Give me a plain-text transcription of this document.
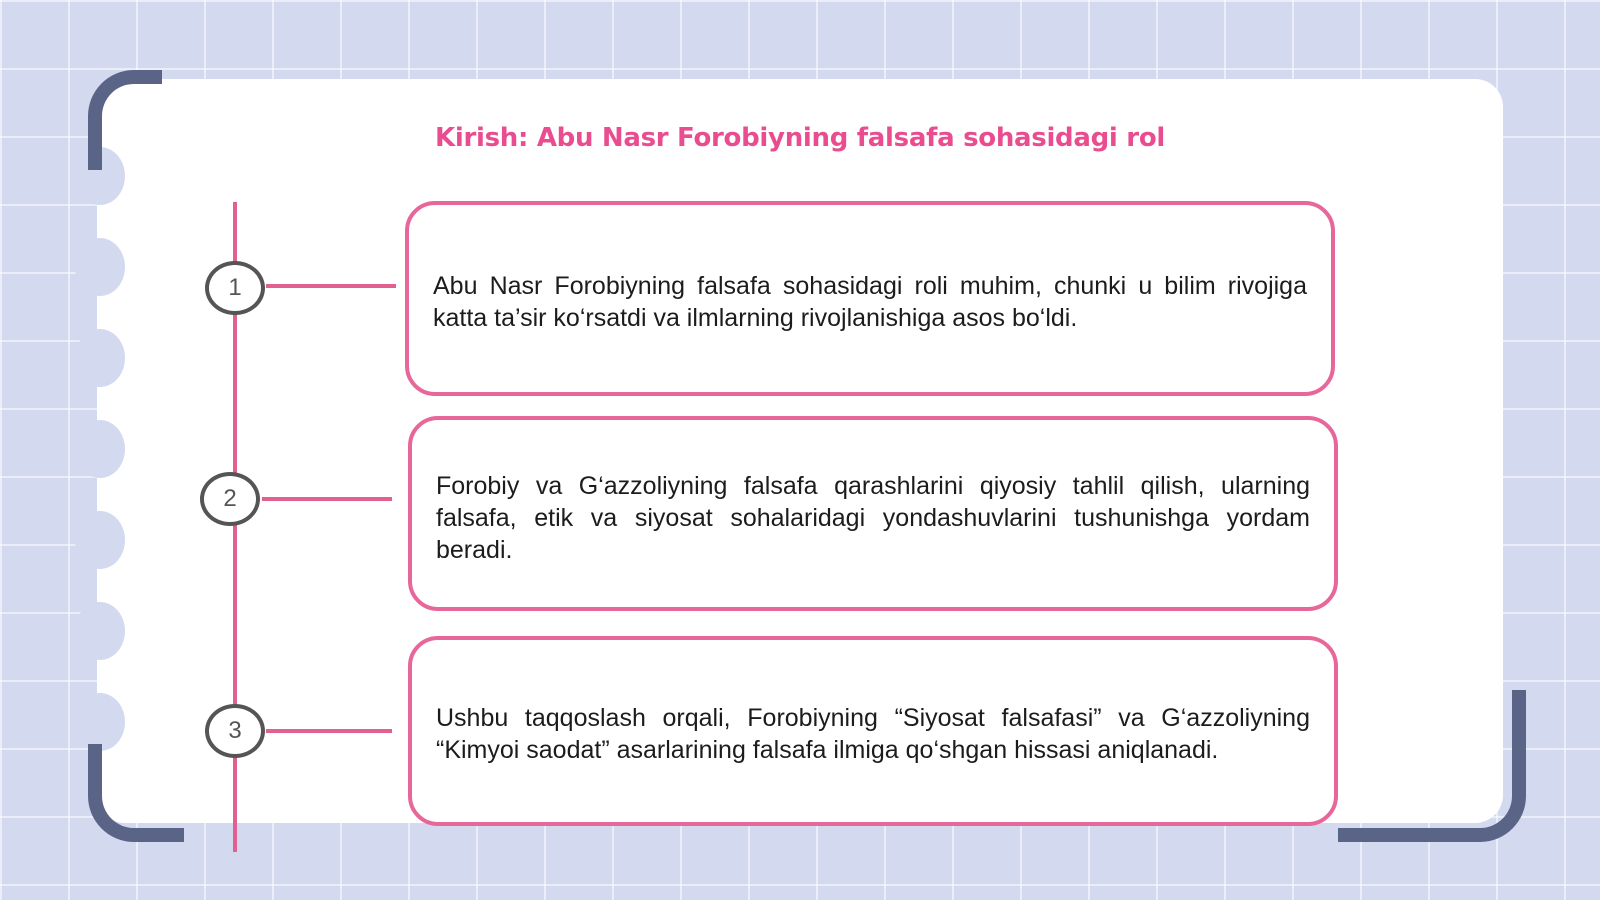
Kirish: Abu Nasr Forobiyning falsafa sohasidagi rol
1	Abu Nasr Forobiyning falsafa sohasidagi roli muhim, chunki u bilim rivojiga katta ta’sir ko‘rsatdi va ilmlarning rivojlanishiga asos bo‘ldi.
2	Forobiy va G‘azzoliyning falsafa qarashlarini qiyosiy tahlil qilish, ularning falsafa, etik va siyosat sohalaridagi yondashuvlarini tushunishga yordam beradi.
3	Ushbu taqqoslash orqali, Forobiyning “Siyosat falsafasi” va G‘azzoliyning “Kimyoi saodat” asarlarining falsafa ilmiga qo‘shgan hissasi aniqlanadi.
